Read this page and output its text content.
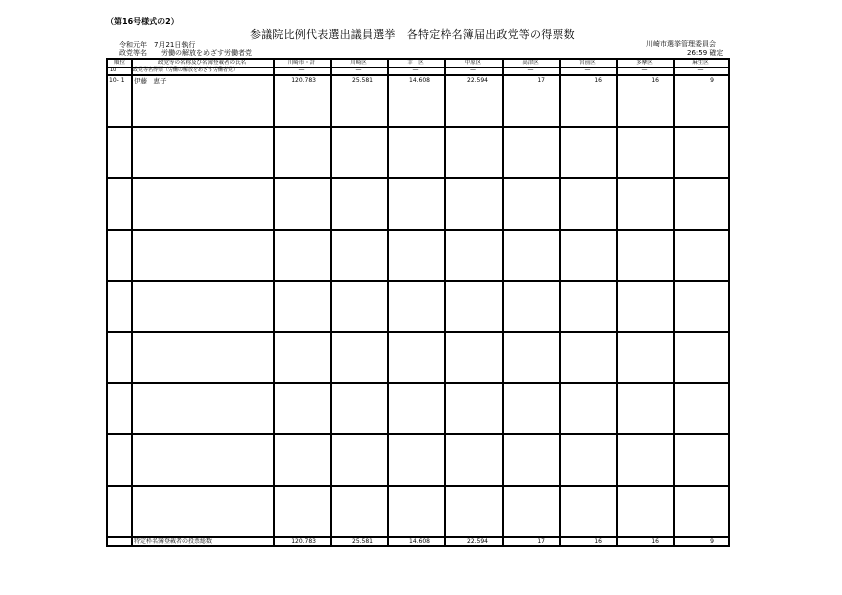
（第16号様式の2）
参議院比例代表選出議員選挙　各特定枠名簿届出政党等の得票数
令和元年　7月21日執行	川崎市選挙管理委員会
政党等名　　労働の解放をめざす労働者党	26:59 確定
順位	政党等の名称及び名簿登載者の氏名	川崎市・計	川崎区	幸　区	中原区	高津区	宮前区	多摩区	麻生区
10	政党等名得票（労働の解放をめざす労働者党）	—	—	—	—	—	—	—	—
10- 1 伊藤　恵子	120.783	25.581	14.608	22.594	17	16	16	9
特定枠名簿登載者の投票総数	120.783	25.581	14.608	22.594	17	16	16	9
